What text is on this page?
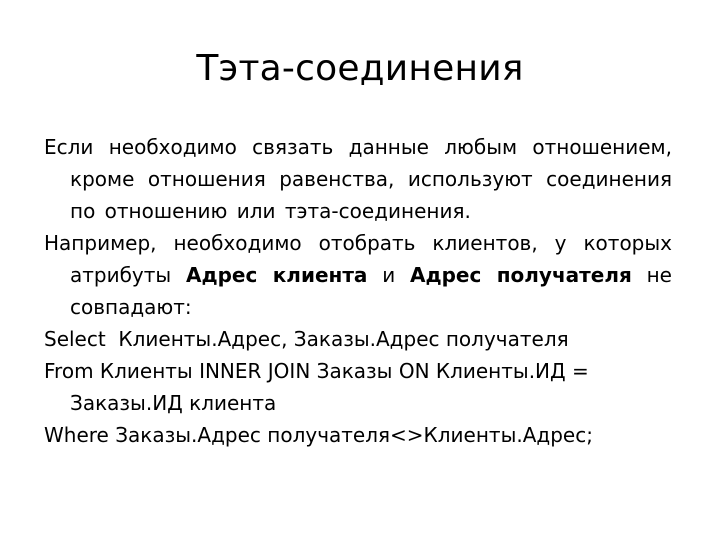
Тэта-соединения

Если необходимо связать данные любым отношением, кроме отношения равенства, используют соединения по отношению или тэта-соединения.

Например, необходимо отобрать клиентов, у которых атрибуты Адрес клиента и Адрес получателя не совпадают:

Select  Клиенты.Адрес, Заказы.Адрес получателя

From Клиенты INNER JOIN Заказы ON Клиенты.ИД = Заказы.ИД клиента

Where Заказы.Адрес получателя<>Клиенты.Адрес;
